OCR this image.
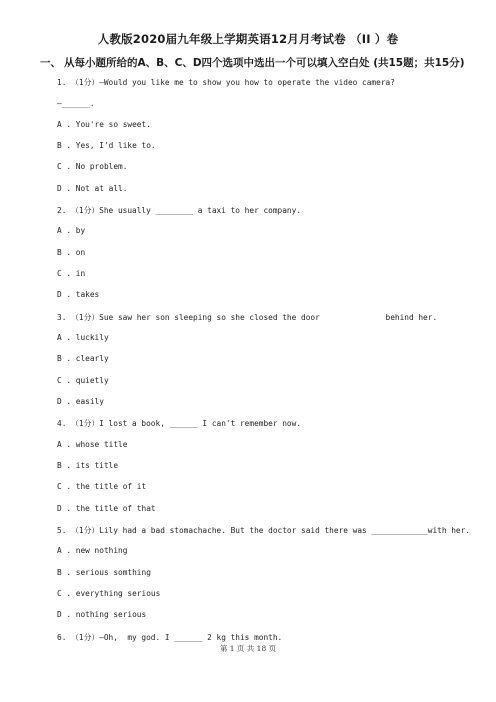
人教版2020届九年级上学期英语12月月考试卷 （II ）卷
一、 从每小题所给的A、B、C、D四个选项中选出一个可以填入空白处 (共15题；共15分)
1. （1分）—Would you like me to show you how to operate the video camera?
—______.
A . You're so sweet.
B . Yes, I'd like to.
C . No problem.
D . Not at all.
2. （1分）She usually ________ a taxi to her company.
A . by
B . on
C . in
D . takes
3. （1分）Sue saw her son sleeping so she closed the door              behind her.
A . luckily
B . clearly
C . quietly
D . easily
4. （1分）I lost a book, ______ I can't remember now.
A . whose title
B . its title
C . the title of it
D . the title of that
5. （1分）Lily had a bad stomachache. But the doctor said there was ____________with her.
A . new nothing
B . serious somthing
C . everything serious
D . nothing serious
6. （1分）—Oh,  my god. I ______ 2 kg this month.
第 1 页 共 18 页
